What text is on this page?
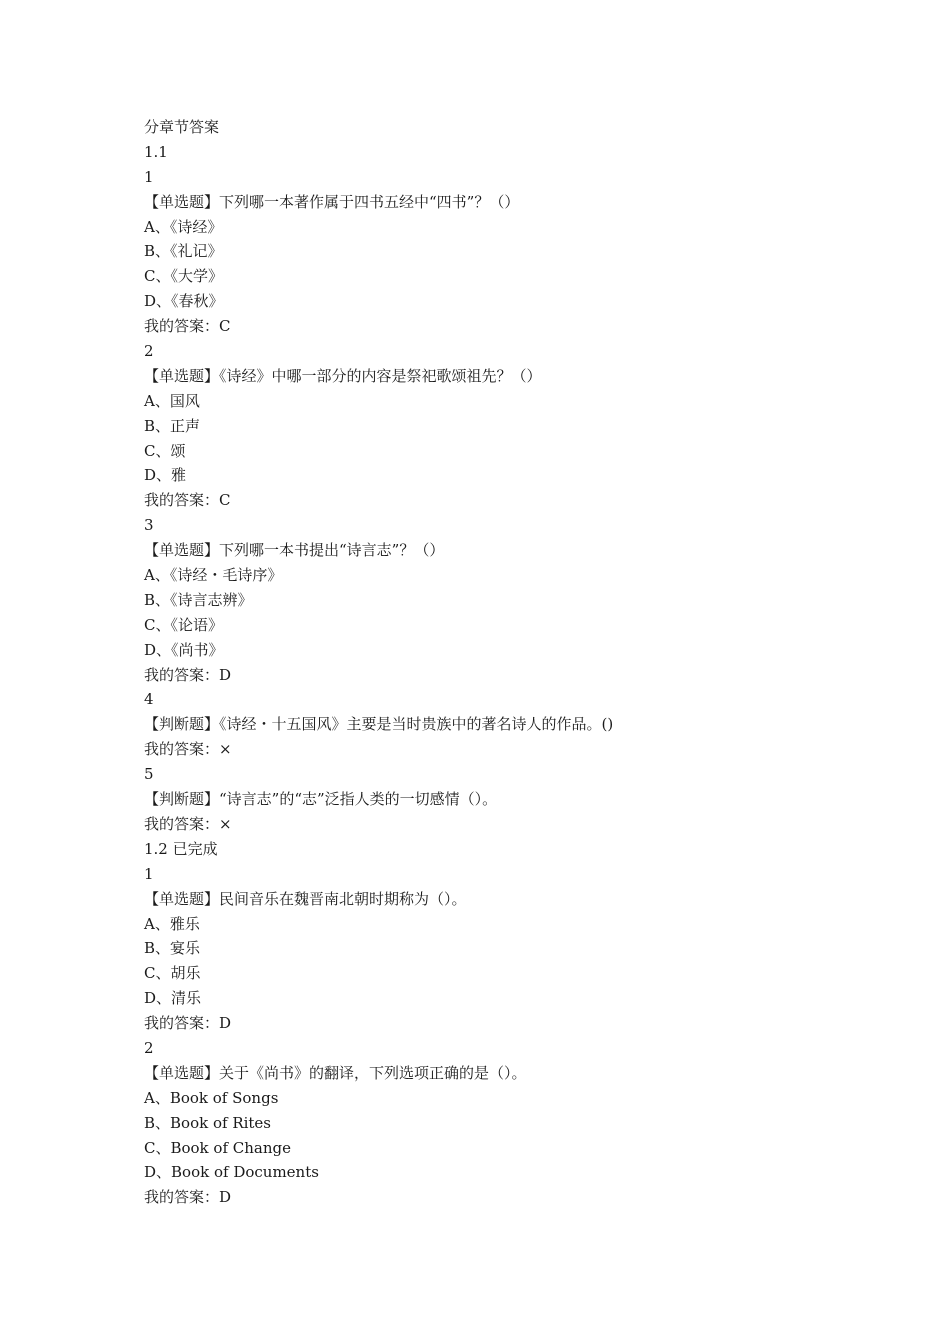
分章节答案
1.1
1
【单选题】下列哪一本著作属于四书五经中“四书”？（）
A、《诗经》
B、《礼记》
C、《大学》
D、《春秋》
我的答案：C
2
【单选题】《诗经》中哪一部分的内容是祭祀歌颂祖先？（）
A、国风
B、正声
C、颂
D、雅
我的答案：C
3
【单选题】下列哪一本书提出“诗言志”？（）
A、《诗经・毛诗序》
B、《诗言志辨》
C、《论语》
D、《尚书》
我的答案：D
4
【判断题】《诗经・十五国风》主要是当时贵族中的著名诗人的作品。()
我的答案：×
5
【判断题】“诗言志”的“志”泛指人类的一切感情（）。
我的答案：×
1.2 已完成
1
【单选题】民间音乐在魏晋南北朝时期称为（）。
A、雅乐
B、宴乐
C、胡乐
D、清乐
我的答案：D
2
【单选题】关于《尚书》的翻译，下列选项正确的是（）。
A、Book of Songs
B、Book of Rites
C、Book of Change
D、Book of Documents
我的答案：D
